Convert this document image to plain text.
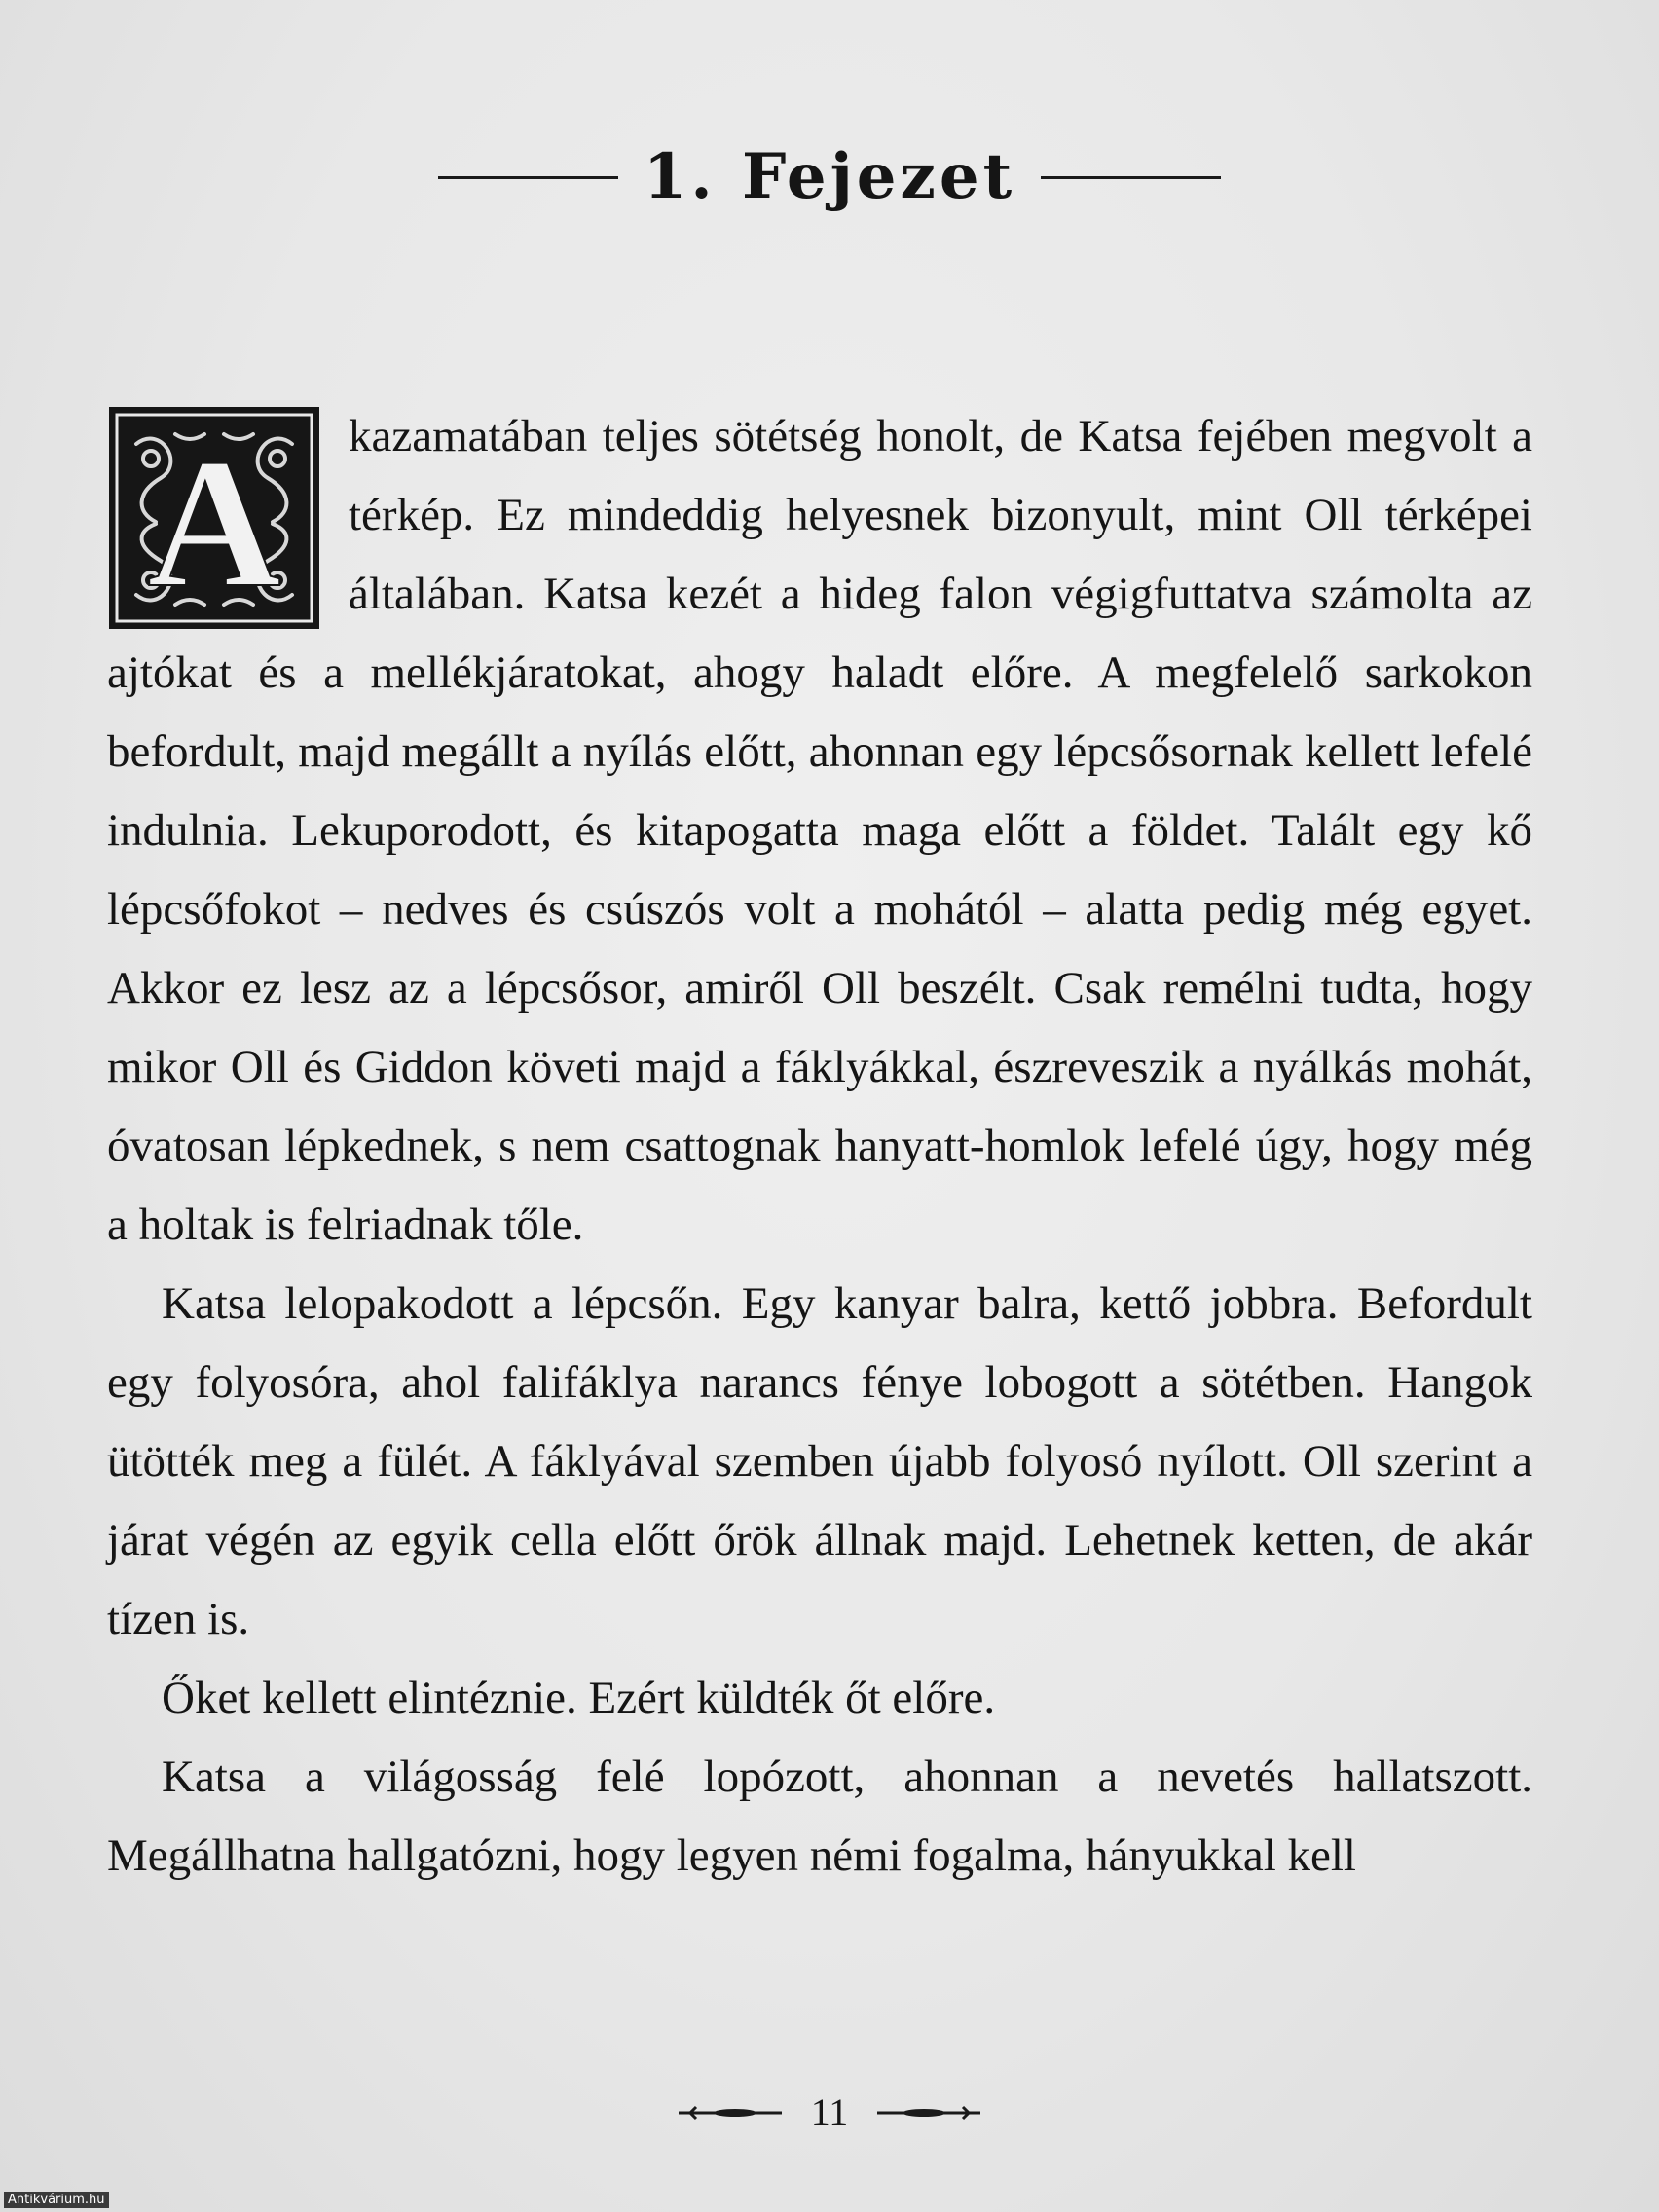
1. Fejezet
A	kazamatában teljes sötétség honolt, de Katsa fejében megvolt a térkép. Ez mindeddig helyesnek bizonyult, mint Oll térképei általában. Katsa kezét a hideg falon végigfuttatva számolta az ajtókat és a mellékjáratokat, ahogy haladt előre. A megfelelő sarkokon befordult, majd megállt a nyílás előtt, ahonnan egy lépcsősornak kellett lefelé indulnia. Lekuporodott, és kitapogatta maga előtt a földet. Talált egy kő lépcsőfokot – nedves és csúszós volt a mohától – alatta pedig még egyet. Akkor ez lesz az a lépcsősor, amiről Oll beszélt. Csak remélni tudta, hogy mikor Oll és Giddon követi majd a fáklyákkal, észreveszik a nyálkás mohát, óvatosan lépkednek, s nem csattognak hanyatt-homlok lefelé úgy, hogy még a holtak is felriadnak tőle.

Katsa lelopakodott a lépcsőn. Egy kanyar balra, kettő jobbra. Befordult egy folyosóra, ahol falifáklya narancs fénye lobogott a sötétben. Hangok ütötték meg a fülét. A fáklyával szemben újabb folyosó nyílott. Oll szerint a járat végén az egyik cella előtt őrök állnak majd. Lehetnek ketten, de akár tízen is.

Őket kellett elintéznie. Ezért küldték őt előre.

Katsa a világosság felé lopózott, ahonnan a nevetés hallatszott. Megállhatna hallgatózni, hogy legyen némi fogalma, hányukkal kell

11
Antikvárium.hu
